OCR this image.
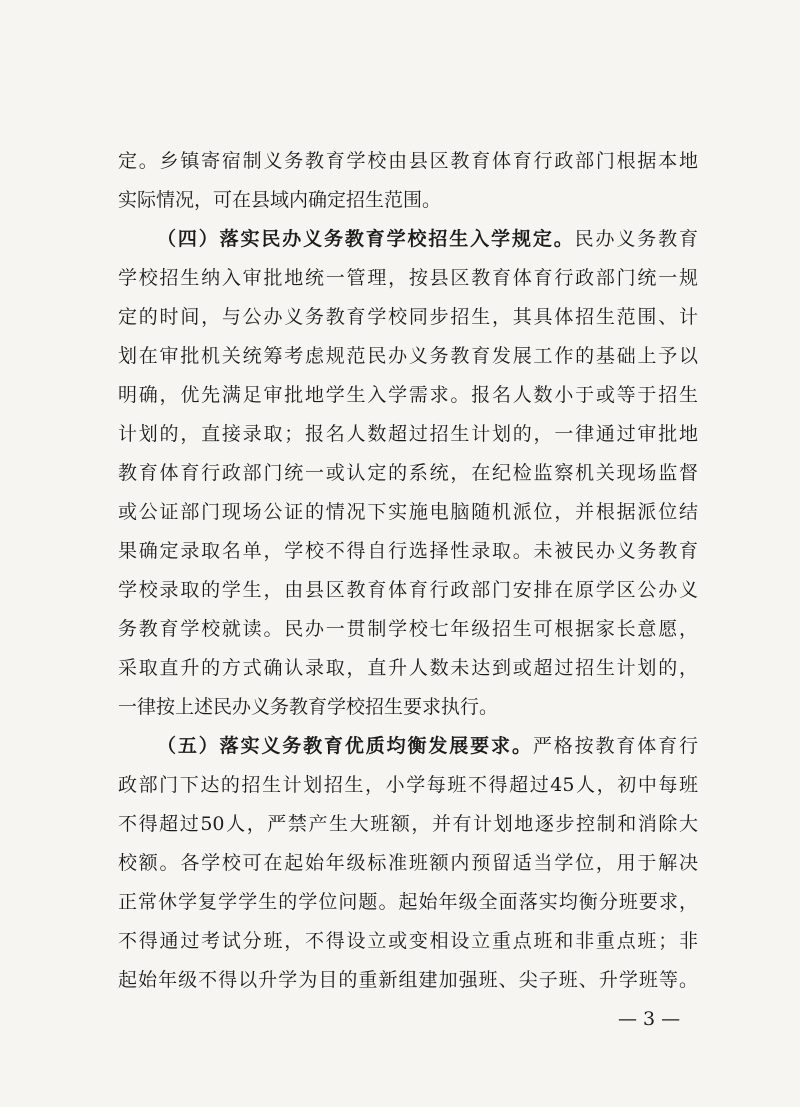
定。乡镇寄宿制义务教育学校由县区教育体育行政部门根据本地
实际情况，可在县域内确定招生范围。
（四）落实民办义务教育学校招生入学规定。民办义务教育
学校招生纳入审批地统一管理，按县区教育体育行政部门统一规
定的时间，与公办义务教育学校同步招生，其具体招生范围、计
划在审批机关统筹考虑规范民办义务教育发展工作的基础上予以
明确，优先满足审批地学生入学需求。报名人数小于或等于招生
计划的，直接录取；报名人数超过招生计划的，一律通过审批地
教育体育行政部门统一或认定的系统，在纪检监察机关现场监督
或公证部门现场公证的情况下实施电脑随机派位，并根据派位结
果确定录取名单，学校不得自行选择性录取。未被民办义务教育
学校录取的学生，由县区教育体育行政部门安排在原学区公办义
务教育学校就读。民办一贯制学校七年级招生可根据家长意愿，
采取直升的方式确认录取，直升人数未达到或超过招生计划的，
一律按上述民办义务教育学校招生要求执行。
（五）落实义务教育优质均衡发展要求。严格按教育体育行
政部门下达的招生计划招生，小学每班不得超过45人，初中每班
不得超过50人，严禁产生大班额，并有计划地逐步控制和消除大
校额。各学校可在起始年级标准班额内预留适当学位，用于解决
正常休学复学学生的学位问题。起始年级全面落实均衡分班要求，
不得通过考试分班，不得设立或变相设立重点班和非重点班；非
起始年级不得以升学为目的重新组建加强班、尖子班、升学班等。
— 3 —
